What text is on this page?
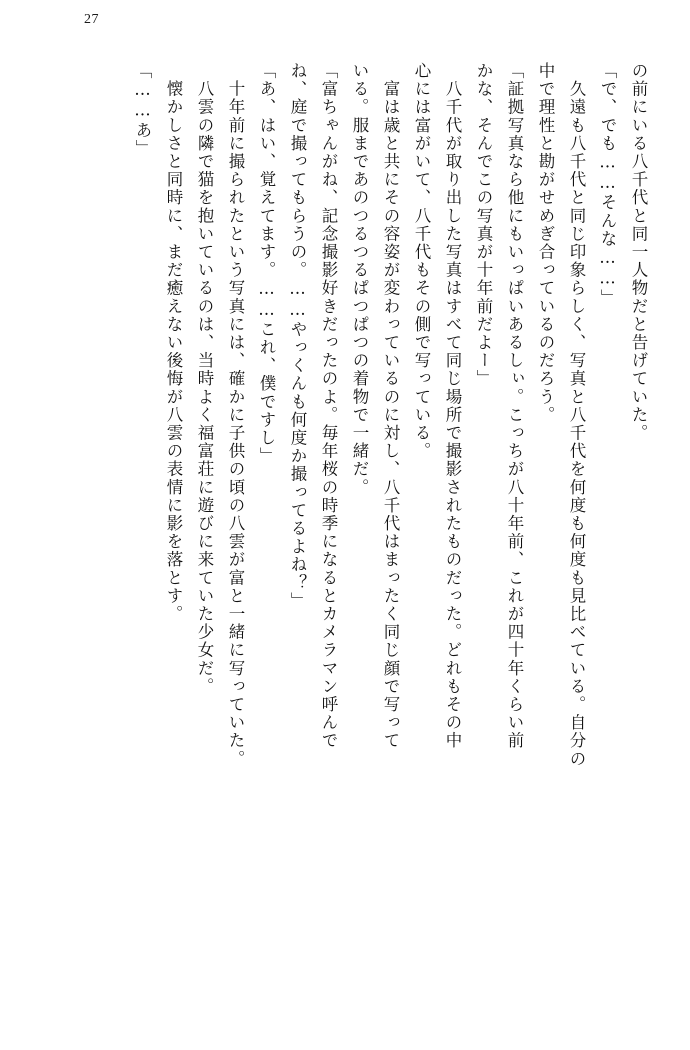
27
の前にいる八千代と同一人物だと告げていた。
「で、でも……そんな……」
　久遠も八千代と同じ印象らしく、写真と八千代を何度も何度も見比べている。自分の
中で理性と勘がせめぎ合っているのだろう。
「証拠写真なら他にもいっぱいあるしぃ。こっちが八十年前、これが四十年くらい前
かな、そんでこの写真が十年前だよー」
　八千代が取り出した写真はすべて同じ場所で撮影されたものだった。どれもその中
心には富がいて、八千代もその側で写っている。
　富は歳と共にその容姿が変わっているのに対し、八千代はまったく同じ顔で写って
いる。服まであのつるつるぱつぱつの着物で一緒だ。
「富ちゃんがね、記念撮影好きだったのよ。毎年桜の時季になるとカメラマン呼んで
ね、庭で撮ってもらうの。……やっくんも何度か撮ってるよね？」
「あ、はい、覚えてます。……これ、僕ですし」
　十年前に撮られたという写真には、確かに子供の頃の八雲が富と一緒に写っていた。
　八雲の隣で猫を抱いているのは、当時よく福富荘に遊びに来ていた少女だ。
　懐かしさと同時に、まだ癒えない後悔が八雲の表情に影を落とす。
「……あ」
